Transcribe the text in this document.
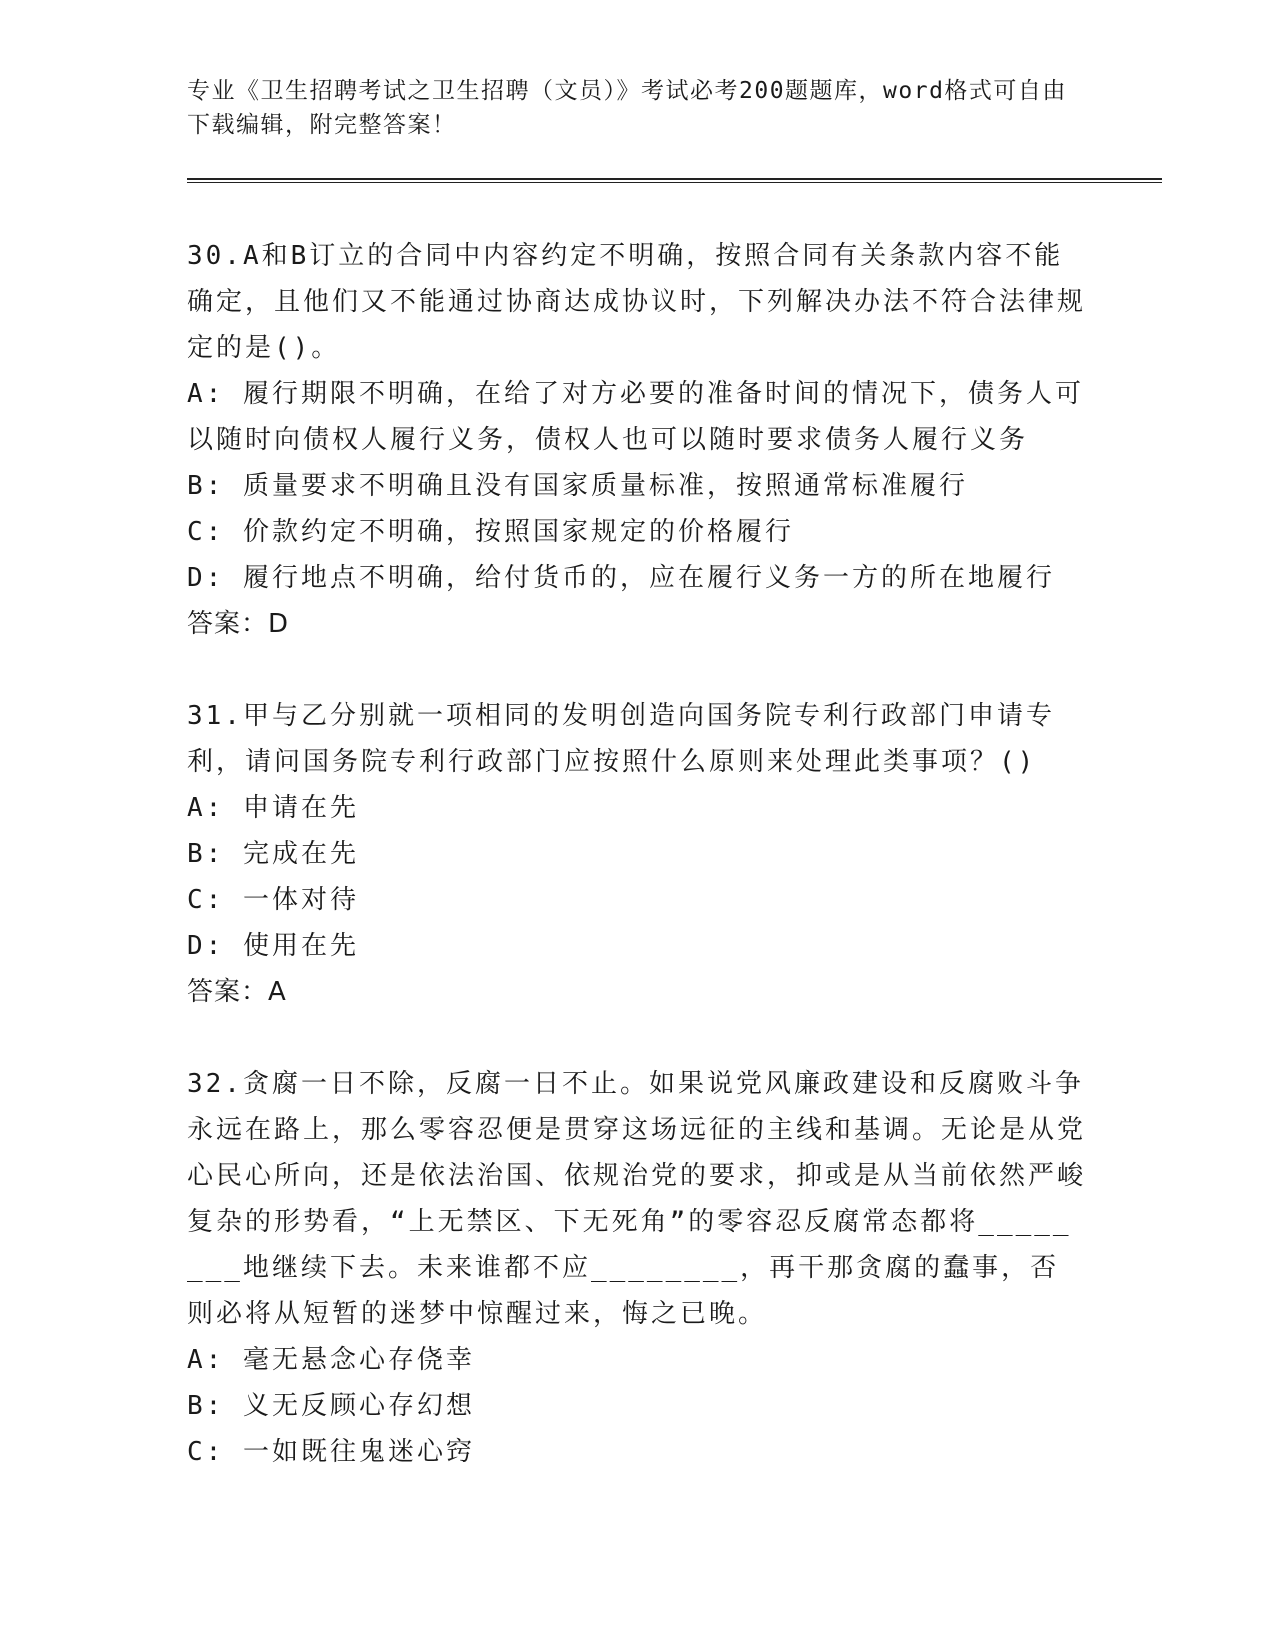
专业《卫生招聘考试之卫生招聘（文员）》考试必考200题题库，word格式可自由下载编辑，附完整答案！
30.A和B订立的合同中内容约定不明确，按照合同有关条款内容不能确定，且他们又不能通过协商达成协议时，下列解决办法不符合法律规定的是()。
A: 履行期限不明确，在给了对方必要的准备时间的情况下，债务人可以随时向债权人履行义务，债权人也可以随时要求债务人履行义务
B: 质量要求不明确且没有国家质量标准，按照通常标准履行
C: 价款约定不明确，按照国家规定的价格履行
D: 履行地点不明确，给付货币的，应在履行义务一方的所在地履行
答案：D
31.甲与乙分别就一项相同的发明创造向国务院专利行政部门申请专利，请问国务院专利行政部门应按照什么原则来处理此类事项？()
A: 申请在先
B: 完成在先
C: 一体对待
D: 使用在先
答案：A
32.贪腐一日不除，反腐一日不止。如果说党风廉政建设和反腐败斗争永远在路上，那么零容忍便是贯穿这场远征的主线和基调。无论是从党心民心所向，还是依法治国、依规治党的要求，抑或是从当前依然严峻复杂的形势看，“上无禁区、下无死角”的零容忍反腐常态都将________地继续下去。未来谁都不应________，再干那贪腐的蠢事，否则必将从短暂的迷梦中惊醒过来，悔之已晚。
A: 毫无悬念心存侥幸
B: 义无反顾心存幻想
C: 一如既往鬼迷心窍
